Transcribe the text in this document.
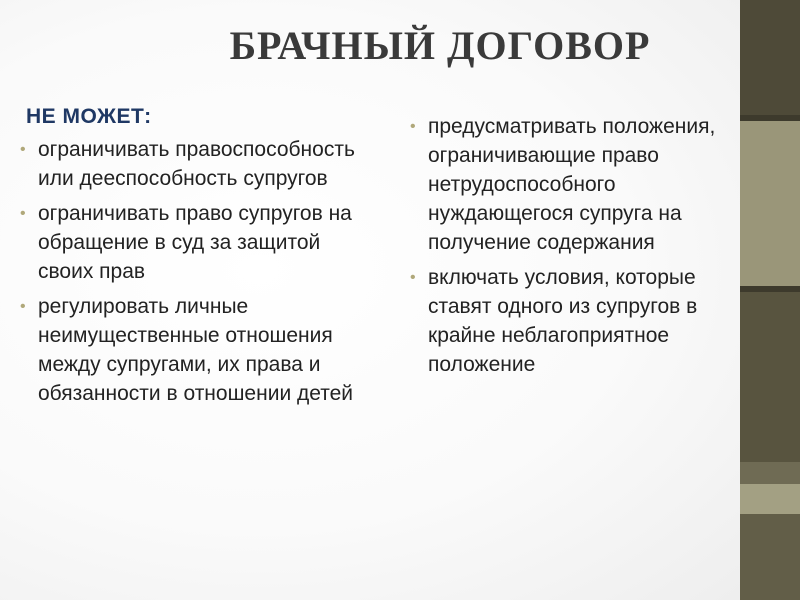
БРАЧНЫЙ ДОГОВОР
НЕ МОЖЕТ:
• ограничивать правоспособность или дееспособность супругов
• ограничивать право супругов на обращение в суд за защитой своих прав
• регулировать личные неимущественные отношения между супругами, их права и обязанности в отношении детей
• предусматривать положения, ограничивающие право нетрудоспособного нуждающегося супруга на получение содержания
• включать условия, которые ставят одного из супругов в крайне неблагоприятное положение
